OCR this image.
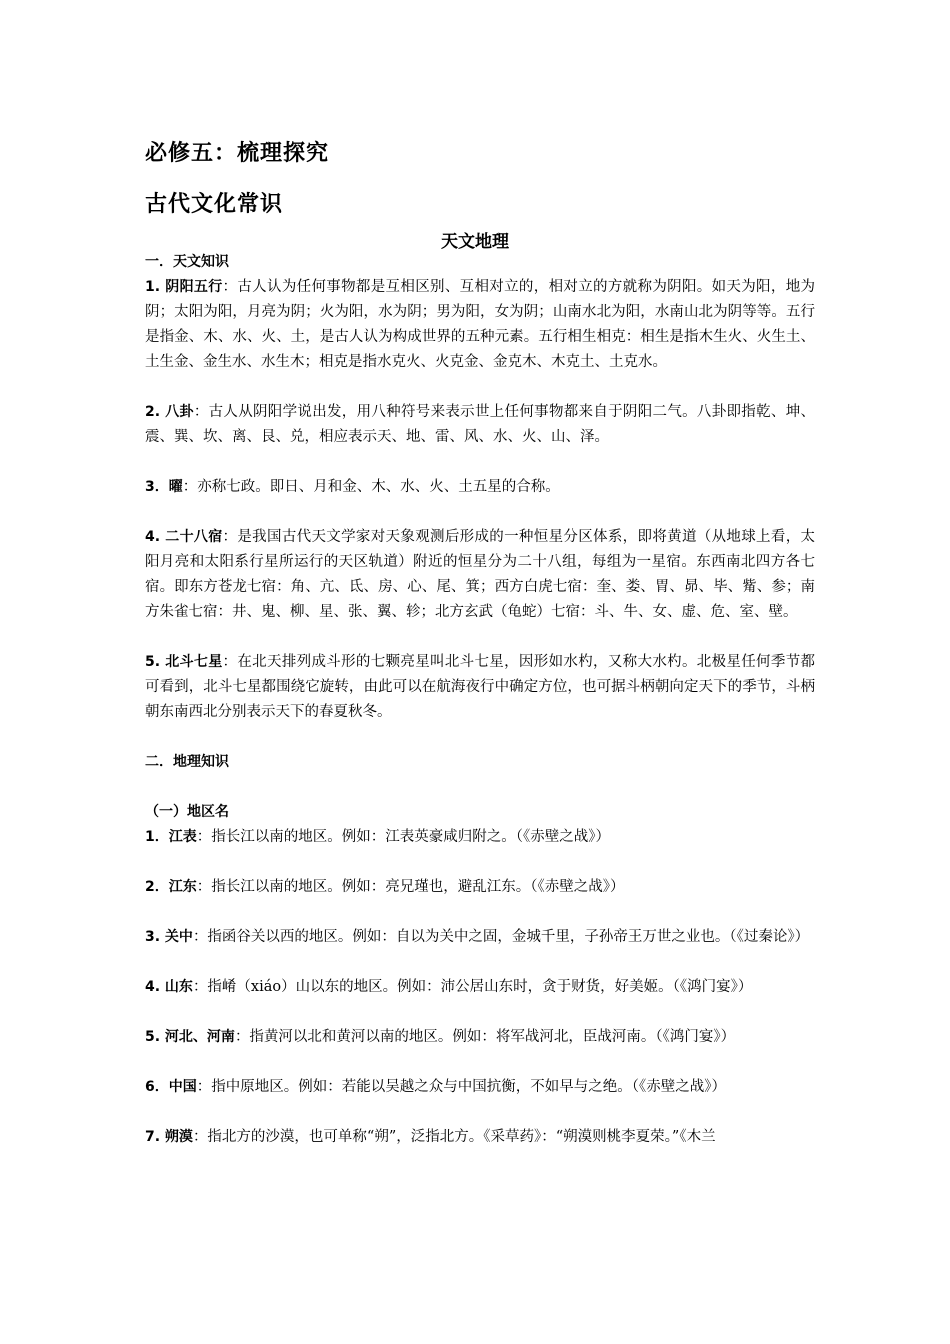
必修五：梳理探究
古代文化常识
天文地理
一．天文知识
1. 阴阳五行：古人认为任何事物都是互相区别、互相对立的，相对立的方就称为阴阳。如天为阳，地为阴；太阳为阳，月亮为阴；火为阳，水为阴；男为阳，女为阴；山南水北为阳，水南山北为阴等等。五行是指金、木、水、火、土，是古人认为构成世界的五种元素。五行相生相克：相生是指木生火、火生土、土生金、金生水、水生木；相克是指水克火、火克金、金克木、木克土、土克水。
2. 八卦：古人从阴阳学说出发，用八种符号来表示世上任何事物都来自于阴阳二气。八卦即指乾、坤、震、巽、坎、离、艮、兑，相应表示天、地、雷、风、水、火、山、泽。
3．曜：亦称七政。即日、月和金、木、水、火、土五星的合称。
4. 二十八宿：是我国古代天文学家对天象观测后形成的一种恒星分区体系，即将黄道（从地球上看，太阳月亮和太阳系行星所运行的天区轨道）附近的恒星分为二十八组，每组为一星宿。东西南北四方各七宿。即东方苍龙七宿：角、亢、氐、房、心、尾、箕；西方白虎七宿：奎、娄、胃、昴、毕、觜、参；南方朱雀七宿：井、鬼、柳、星、张、翼、轸；北方玄武（龟蛇）七宿：斗、牛、女、虚、危、室、壁。
5. 北斗七星：在北天排列成斗形的七颗亮星叫北斗七星，因形如水杓，又称大水杓。北极星任何季节都可看到，北斗七星都围绕它旋转，由此可以在航海夜行中确定方位，也可据斗柄朝向定天下的季节，斗柄朝东南西北分别表示天下的春夏秋冬。
二．地理知识
（一）地区名
1．江表：指长江以南的地区。例如：江表英豪咸归附之。（《赤壁之战》）
2．江东：指长江以南的地区。例如：亮兄瑾也，避乱江东。（《赤壁之战》）
3. 关中：指函谷关以西的地区。例如：自以为关中之固，金城千里，子孙帝王万世之业也。（《过秦论》）
4. 山东：指崤（xiáo）山以东的地区。例如：沛公居山东时，贪于财货，好美姬。（《鸿门宴》）
5. 河北、河南：指黄河以北和黄河以南的地区。例如：将军战河北，臣战河南。（《鸿门宴》）
6．中国：指中原地区。例如：若能以吴越之众与中国抗衡，不如早与之绝。（《赤壁之战》）
7. 朔漠：指北方的沙漠，也可单称“朔”，泛指北方。《采草药》：“朔漠则桃李夏荣。”《木兰
